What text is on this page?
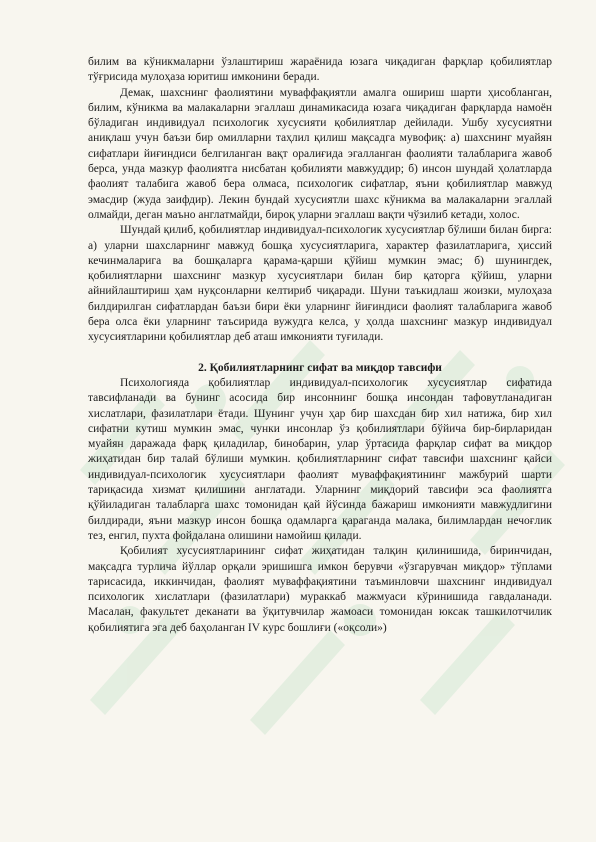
билим ва кўникмаларни ўзлаштириш жараёнида юзага чиқадиган фарқлар қобилиятлар тўғрисида мулоҳаза юритиш имконини беради.

Демак, шахснинг фаолиятини муваффақиятли амалга ошириш шарти ҳисобланган, билим, кўникма ва малакаларни эгаллаш динамикасида юзага чиқадиган фарқларда намоён бўладиган индивидуал психологик хусусияти қобилиятлар дейилади. Ушбу хусусиятни аниқлаш учун баъзи бир омилларни таҳлил қилиш мақсадга мувофиқ: а) шахснинг муайян сифатлари йиғиндиси белгиланган вақт оралиғида эгалланган фаолияти талабларига жавоб берса, унда мазкур фаолиятга нисбатан қобилияти мавжуддир; б) инсон шундай ҳолатларда фаолият талабига жавоб бера олмаса, психологик сифатлар, яъни қобилиятлар мавжуд эмасдир (жуда заифдир). Лекин бундай хусусиятли шахс кўникма ва малакаларни эгаллай олмайди, деган маъно англатмайди, бироқ уларни эгаллаш вақти чўзилиб кетади, холос.

Шундай қилиб, қобилиятлар индивидуал-психологик хусусиятлар бўлиши билан бирга: а) уларни шахсларнинг мавжуд бошқа хусусиятларига, характер фазилатларига, ҳиссий кечинмаларига ва бошқаларга қарама-қарши қўйиш мумкин эмас; б) шунингдек, қобилиятларни шахснинг мазкур хусусиятлари билан бир қаторга қўйиш, уларни айнийлаштириш ҳам нуқсонларни келтириб чиқаради. Шуни таъкидлаш жоизки, мулоҳаза билдирилган сифатлардан баъзи бири ёки уларнинг йиғиндиси фаолият талабларига жавоб бера олса ёки уларнинг таъсирида вужудга келса, у ҳолда шахснинг мазкур индивидуал хусусиятларини қобилиятлар деб аташ имконияти туғилади.

2. Қобилиятларнинг сифат ва миқдор тавсифи

Психологияда қобилиятлар индивидуал-психологик хусусиятлар сифатида тавсифланади ва бунинг асосида бир инсоннинг бошқа инсондан тафовутланадиган хислатлари, фазилатлари ётади. Шунинг учун ҳар бир шахсдан бир хил натижа, бир хил сифатни кутиш мумкин эмас, чунки инсонлар ўз қобилиятлари бўйича бир-бирларидан муайян даражада фарқ қиладилар, бинобарин, улар ўртасида фарқлар сифат ва миқдор жиҳатидан бир талай бўлиши мумкин. қобилиятларнинг сифат тавсифи шахснинг қайси индивидуал-психологик хусусиятлари фаолият муваффақиятининг мажбурий шарти тариқасида хизмат қилишини англатади. Уларнинг миқдорий тавсифи эса фаолиятга қўйиладиган талабларга шахс томонидан қай йўсинда бажариш имконияти мавжудлигини билдиради, яъни мазкур инсон бошқа одамларга қараганда малака, билимлардан нечоғлик тез, енгил, пухта фойдалана олишини намойиш қилади.

Қобилият хусусиятларининг сифат жиҳатидан талқин қилинишида, биринчидан, мақсадга турлича йўллар орқали эришишга имкон берувчи «ўзгарувчан миқдор» тўплами тарисасида, иккинчидан, фаолият муваффақиятини таъминловчи шахснинг индивидуал психологик хислатлари (фазилатлари) мураккаб мажмуаси кўринишида гавдаланади. Масалан, факультет деканати ва ўқитувчилар жамоаси томонидан юксак ташкилотчилик қобилиятига эга деб баҳоланган IV курс бошлиғи («оқсоли»)
